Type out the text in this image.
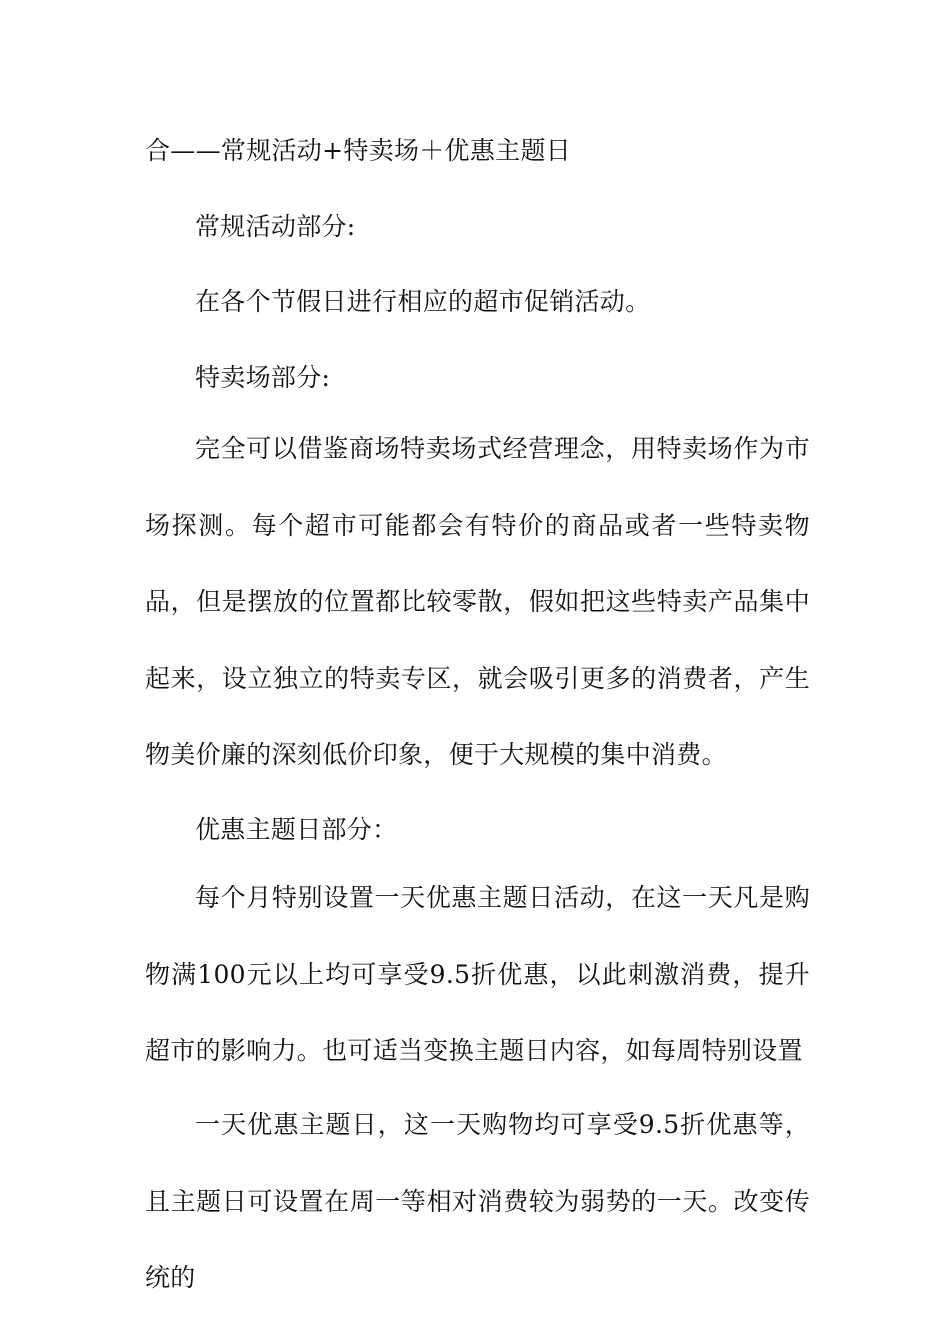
合——常规活动+特卖场＋优惠主题日

常规活动部分:

在各个节假日进行相应的超市促销活动。

特卖场部分:

完全可以借鉴商场特卖场式经营理念，用特卖场作为市场探测。每个超市可能都会有特价的商品或者一些特卖物品，但是摆放的位置都比较零散，假如把这些特卖产品集中起来，设立独立的特卖专区，就会吸引更多的消费者，产生物美价廉的深刻低价印象，便于大规模的集中消费。

优惠主题日部分：

每个月特别设置一天优惠主题日活动，在这一天凡是购物满100元以上均可享受9.5折优惠，以此刺激消费，提升超市的影响力。也可适当变换主题日内容，如每周特别设置

一天优惠主题日，这一天购物均可享受9.5折优惠等，且主题日可设置在周一等相对消费较为弱势的一天。改变传统的
